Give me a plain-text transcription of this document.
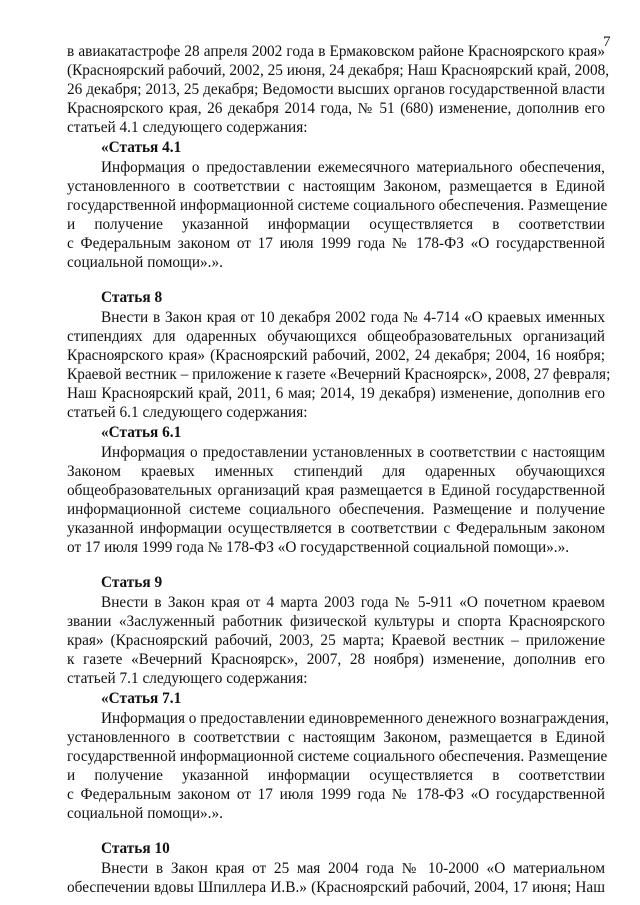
7
в авиакатастрофе 28 апреля 2002 года в Ермаковском районе Красноярского края»
(Красноярский рабочий, 2002, 25 июня, 24 декабря; Наш Красноярский край, 2008,
26 декабря; 2013, 25 декабря; Ведомости высших органов государственной власти
Красноярского края, 26 декабря 2014 года, № 51 (680) изменение, дополнив его
статьей 4.1 следующего содержания:
«Статья 4.1
Информация о предоставлении ежемесячного материального обеспечения,
установленного в соответствии с настоящим Законом, размещается в Единой
государственной информационной системе социального обеспечения. Размещение
и получение указанной информации осуществляется в соответствии
с Федеральным законом от 17 июля 1999 года № 178-ФЗ «О государственной
социальной помощи».».
Статья 8
Внести в Закон края от 10 декабря 2002 года № 4-714 «О краевых именных
стипендиях для одаренных обучающихся общеобразовательных организаций
Красноярского края» (Красноярский рабочий, 2002, 24 декабря; 2004, 16 ноября;
Краевой вестник – приложение к газете «Вечерний Красноярск», 2008, 27 февраля;
Наш Красноярский край, 2011, 6 мая; 2014, 19 декабря) изменение, дополнив его
статьей 6.1 следующего содержания:
«Статья 6.1
Информация о предоставлении установленных в соответствии с настоящим
Законом краевых именных стипендий для одаренных обучающихся
общеобразовательных организаций края размещается в Единой государственной
информационной системе социального обеспечения. Размещение и получение
указанной информации осуществляется в соответствии с Федеральным законом
от 17 июля 1999 года № 178-ФЗ «О государственной социальной помощи».».
Статья 9
Внести в Закон края от 4 марта 2003 года № 5-911 «О почетном краевом
звании «Заслуженный работник физической культуры и спорта Красноярского
края» (Красноярский рабочий, 2003, 25 марта; Краевой вестник – приложение
к газете «Вечерний Красноярск», 2007, 28 ноября) изменение, дополнив его
статьей 7.1 следующего содержания:
«Статья 7.1
Информация о предоставлении единовременного денежного вознаграждения,
установленного в соответствии с настоящим Законом, размещается в Единой
государственной информационной системе социального обеспечения. Размещение
и получение указанной информации осуществляется в соответствии
с Федеральным законом от 17 июля 1999 года № 178-ФЗ «О государственной
социальной помощи».».
Статья 10
Внести в Закон края от 25 мая 2004 года № 10-2000 «О материальном
обеспечении вдовы Шпиллера И.В.» (Красноярский рабочий, 2004, 17 июня; Наш
